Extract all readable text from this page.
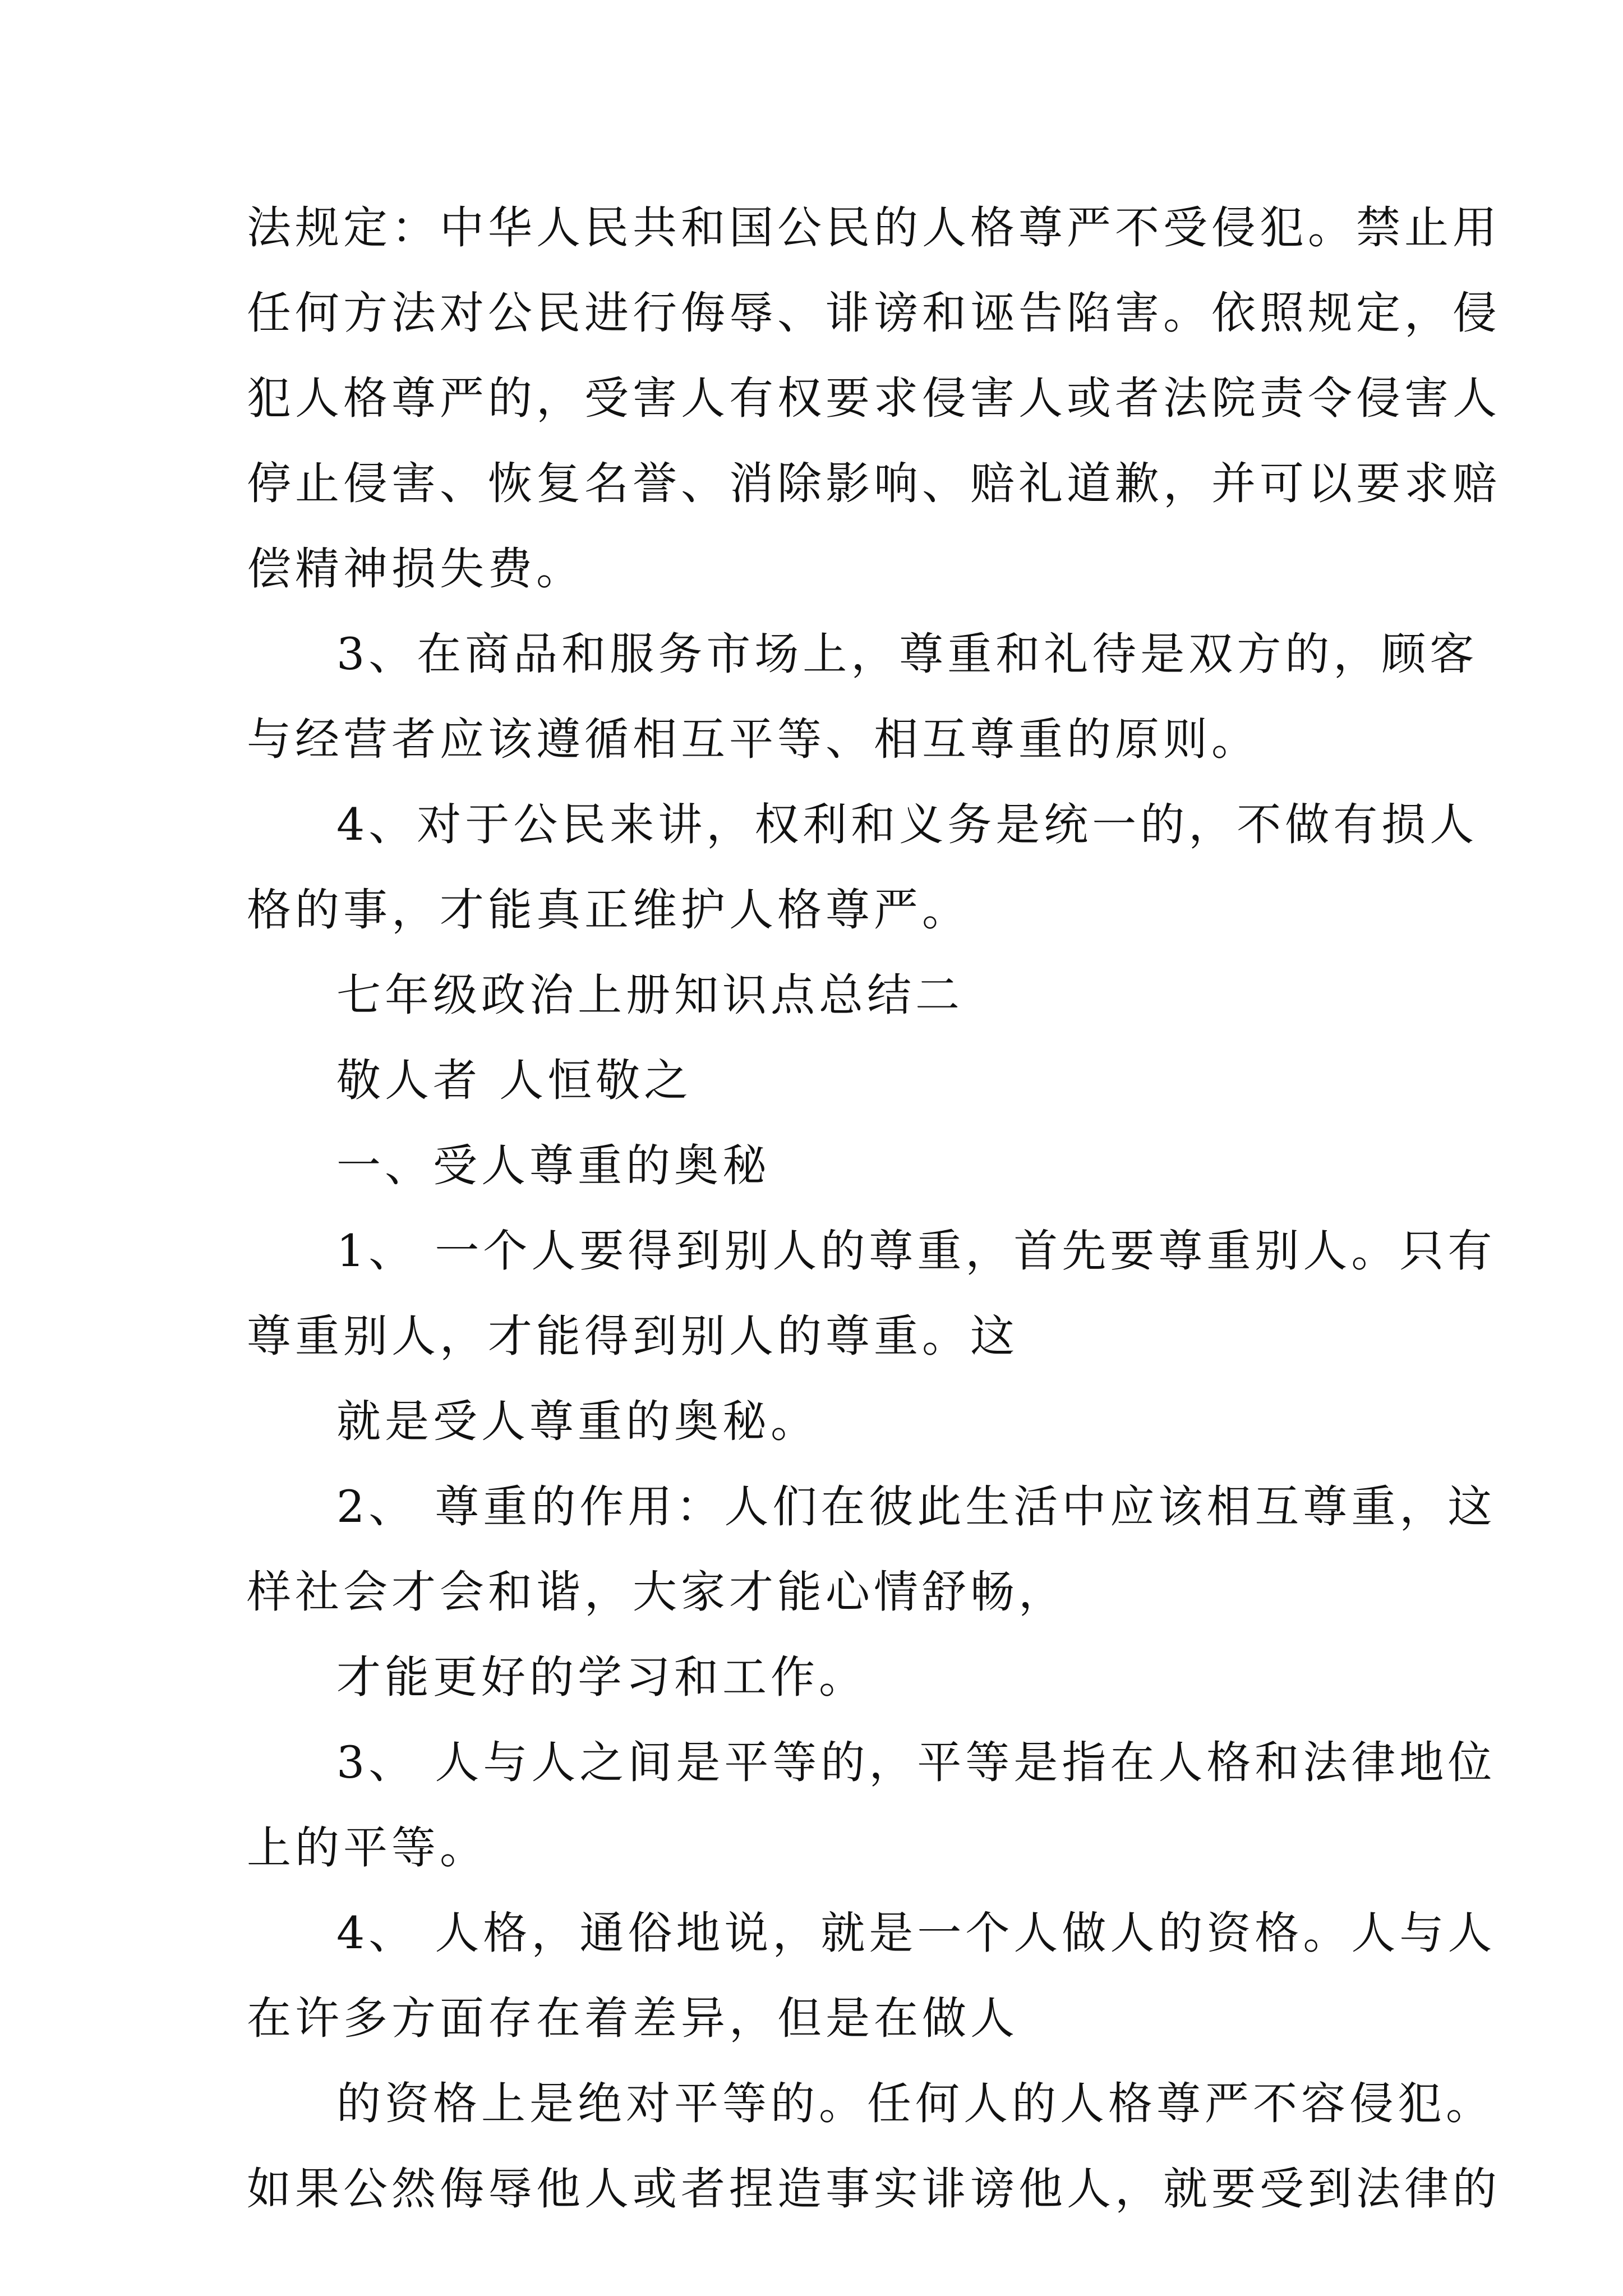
法规定：中华人民共和国公民的人格尊严不受侵犯。禁止用
任何方法对公民进行侮辱、诽谤和诬告陷害。依照规定，侵
犯人格尊严的，受害人有权要求侵害人或者法院责令侵害人
停止侵害、恢复名誉、消除影响、赔礼道歉，并可以要求赔
偿精神损失费。
3、在商品和服务市场上，尊重和礼待是双方的，顾客
与经营者应该遵循相互平等、相互尊重的原则。
4、对于公民来讲，权利和义务是统一的，不做有损人
格的事，才能真正维护人格尊严。
七年级政治上册知识点总结二
敬人者 人恒敬之
一、受人尊重的奥秘
1、 一个人要得到别人的尊重，首先要尊重别人。只有
尊重别人，才能得到别人的尊重。这
就是受人尊重的奥秘。
2、 尊重的作用：人们在彼此生活中应该相互尊重，这
样社会才会和谐，大家才能心情舒畅，
才能更好的学习和工作。
3、 人与人之间是平等的，平等是指在人格和法律地位
上的平等。
4、 人格，通俗地说，就是一个人做人的资格。人与人
在许多方面存在着差异，但是在做人
的资格上是绝对平等的。任何人的人格尊严不容侵犯。
如果公然侮辱他人或者捏造事实诽谤他人，就要受到法律的
